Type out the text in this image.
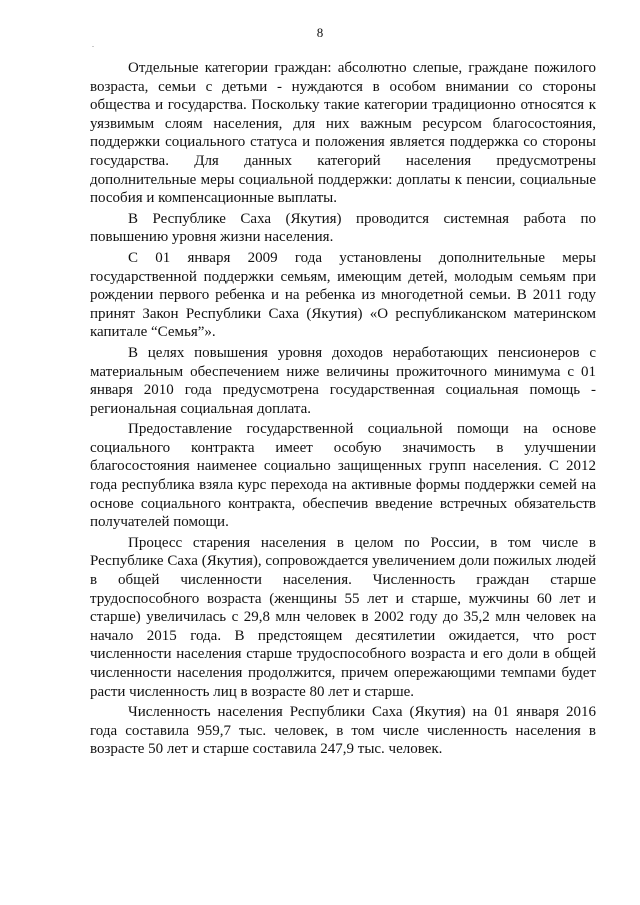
8
.

Отдельные категории граждан: абсолютно слепые, граждане пожилого возраста, семьи с детьми - нуждаются в особом внимании со стороны общества и государства. Поскольку такие категории традиционно относятся к уязвимым слоям населения, для них важным ресурсом благосостояния, поддержки социального статуса и положения является поддержка со стороны государства. Для данных категорий населения предусмотрены дополнительные меры социальной поддержки: доплаты к пенсии, социальные пособия и компенсационные выплаты.

В Республике Саха (Якутия) проводится системная работа по повышению уровня жизни населения.

С 01 января 2009 года установлены дополнительные меры государственной поддержки семьям, имеющим детей, молодым семьям при рождении первого ребенка и на ребенка из многодетной семьи. В 2011 году принят Закон Республики Саха (Якутия) «О республиканском материнском капитале “Семья”».

В целях повышения уровня доходов неработающих пенсионеров с материальным обеспечением ниже величины прожиточного минимума с 01 января 2010 года предусмотрена государственная социальная помощь - региональная социальная доплата.

Предоставление государственной социальной помощи на основе социального контракта имеет особую значимость в улучшении благосостояния наименее социально защищенных групп населения. С 2012 года республика взяла курс перехода на активные формы поддержки семей на основе социального контракта, обеспечив введение встречных обязательств получателей помощи.

Процесс старения населения в целом по России, в том числе в Республике Саха (Якутия), сопровождается увеличением доли пожилых людей в общей численности населения. Численность граждан старше трудоспособного возраста (женщины 55 лет и старше, мужчины 60 лет и старше) увеличилась с 29,8 млн человек в 2002 году до 35,2 млн человек на начало 2015 года. В предстоящем десятилетии ожидается, что рост численности населения старше трудоспособного возраста и его доли в общей численности населения продолжится, причем опережающими темпами будет расти численность лиц в возрасте 80 лет и старше.

Численность населения Республики Саха (Якутия) на 01 января 2016 года составила 959,7 тыс. человек, в том числе численность населения в возрасте 50 лет и старше составила 247,9 тыс. человек.
